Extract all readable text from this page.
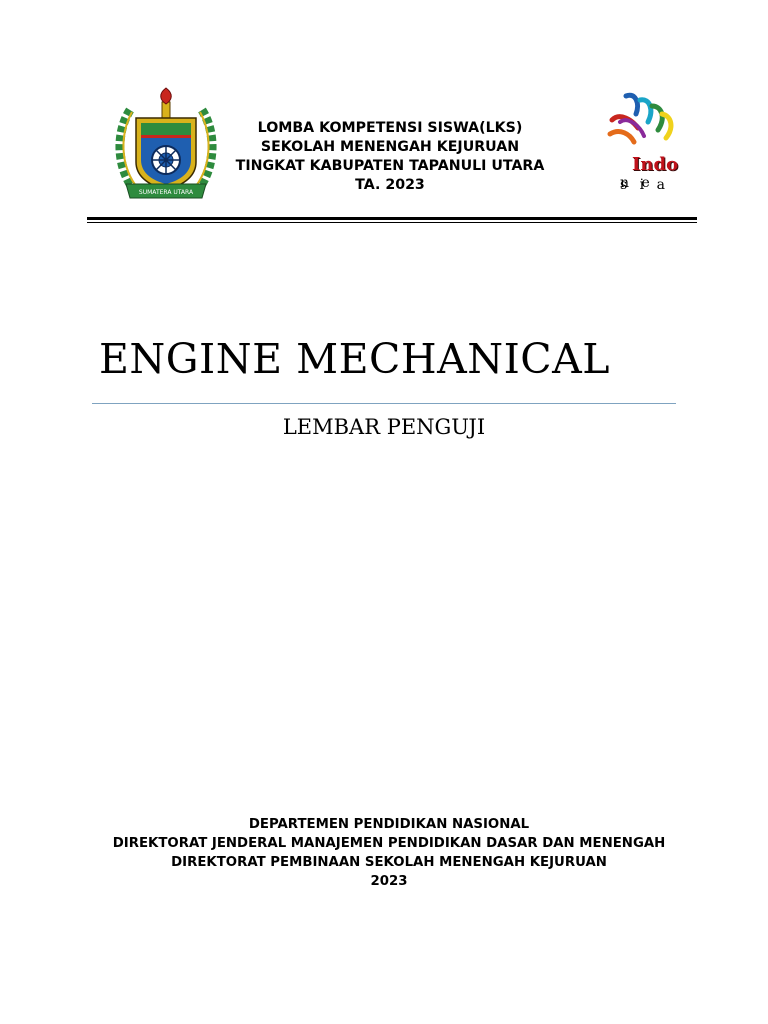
SUMATERA UTARA
LOMBA KOMPETENSI SISWA(LKS)
SEKOLAH MENENGAH KEJURUAN
TINGKAT KABUPATEN TAPANULI UTARA
TA. 2023
Indo
n e s i a
ENGINE MECHANICAL
LEMBAR PENGUJI
DEPARTEMEN PENDIDIKAN NASIONAL
DIREKTORAT JENDERAL MANAJEMEN PENDIDIKAN DASAR DAN MENENGAH
DIREKTORAT PEMBINAAN SEKOLAH MENENGAH KEJURUAN
2023
